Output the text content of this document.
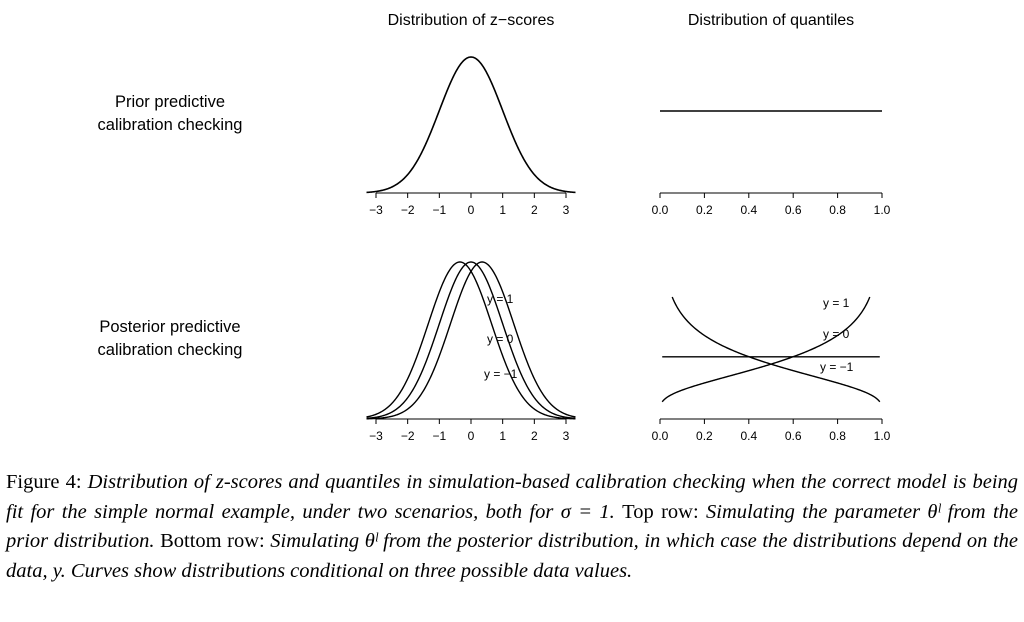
Distribution of z−scores	Distribution of quantiles
Prior predictive
calibration checking
Posterior predictive
calibration checking
−3 −2 −1 0 1 2 3	0.0 0.2 0.4 0.6 0.8 1.0
−3 −2 −1 0 1 2 3
y = 1
y = 0
y = −1
0.0 0.2 0.4 0.6 0.8 1.0
y = 1
y = 0
y = −1

Figure 4: Distribution of z-scores and quantiles in simulation-based calibration checking when the correct model is being fit for the simple normal example, under two scenarios, both for σ = 1. Top row: Simulating the parameter θˡ from the prior distribution. Bottom row: Simulating θˡ from the posterior distribution, in which case the distributions depend on the data, y. Curves show distributions conditional on three possible data values.
